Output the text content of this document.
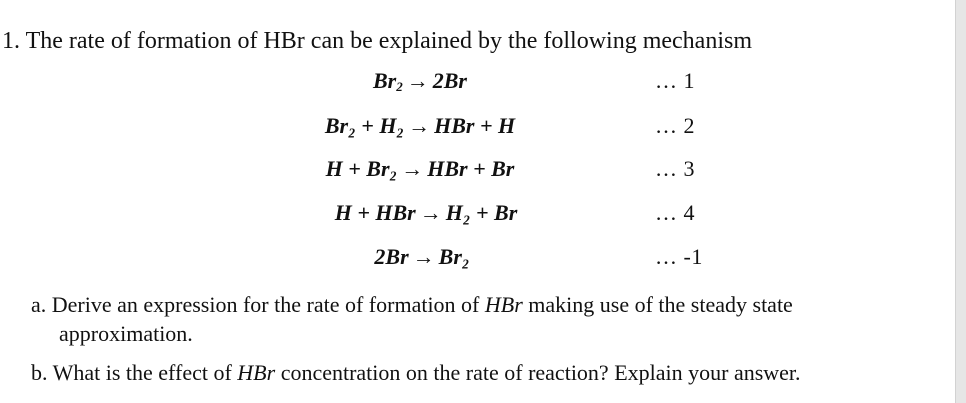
1. The rate of formation of HBr can be explained by the following mechanism
$Br_2 \to 2Br$	… 1
Br₂ + H₂ → HBr + H	… 2
H + Br₂ → HBr + Br	… 3
H + HBr → H₂ + Br	… 4
2Br → Br₂	… -1
a. Derive an expression for the rate of formation of HBr making use of the steady state
approximation.
b. What is the effect of HBr concentration on the rate of reaction? Explain your answer.
